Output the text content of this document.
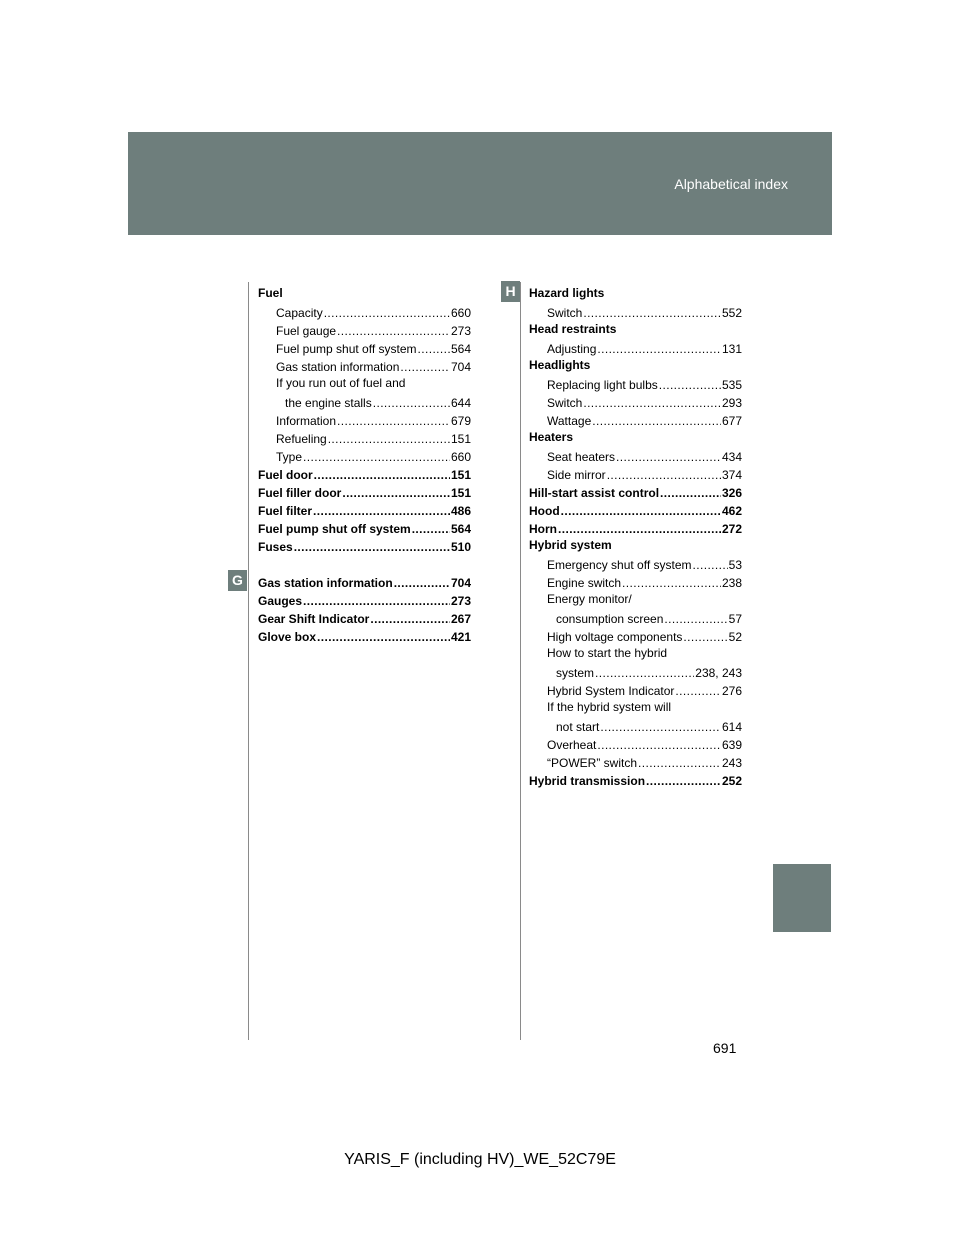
Alphabetical index
G
H
Fuel
Capacity .....	660
Fuel gauge .....	273
Fuel pump shut off system .....	564
Gas station information .....	704
If you run out of fuel and
the engine stalls .....	644
Information .....	679
Refueling .....	151
Type .....	660
Fuel door .....	151
Fuel filler door .....	151
Fuel filter .....	486
Fuel pump shut off system .....	564
Fuses .....	510
Gas station information .....	704
Gauges .....	273
Gear Shift Indicator .....	267
Glove box .....	421
Hazard lights
Switch .....	552
Head restraints
Adjusting .....	131
Headlights
Replacing light bulbs .....	535
Switch .....	293
Wattage .....	677
Heaters
Seat heaters .....	434
Side mirror .....	374
Hill-start assist control .....	326
Hood .....	462
Horn .....	272
Hybrid system
Emergency shut off system .....	53
Engine switch .....	238
Energy monitor/
consumption screen .....	57
High voltage components .....	52
How to start the hybrid
system .....	238, 243
Hybrid System Indicator .....	276
If the hybrid system will
not start .....	614
Overheat .....	639
“POWER” switch .....	243
Hybrid transmission .....	252
691
YARIS_F (including HV)_WE_52C79E
